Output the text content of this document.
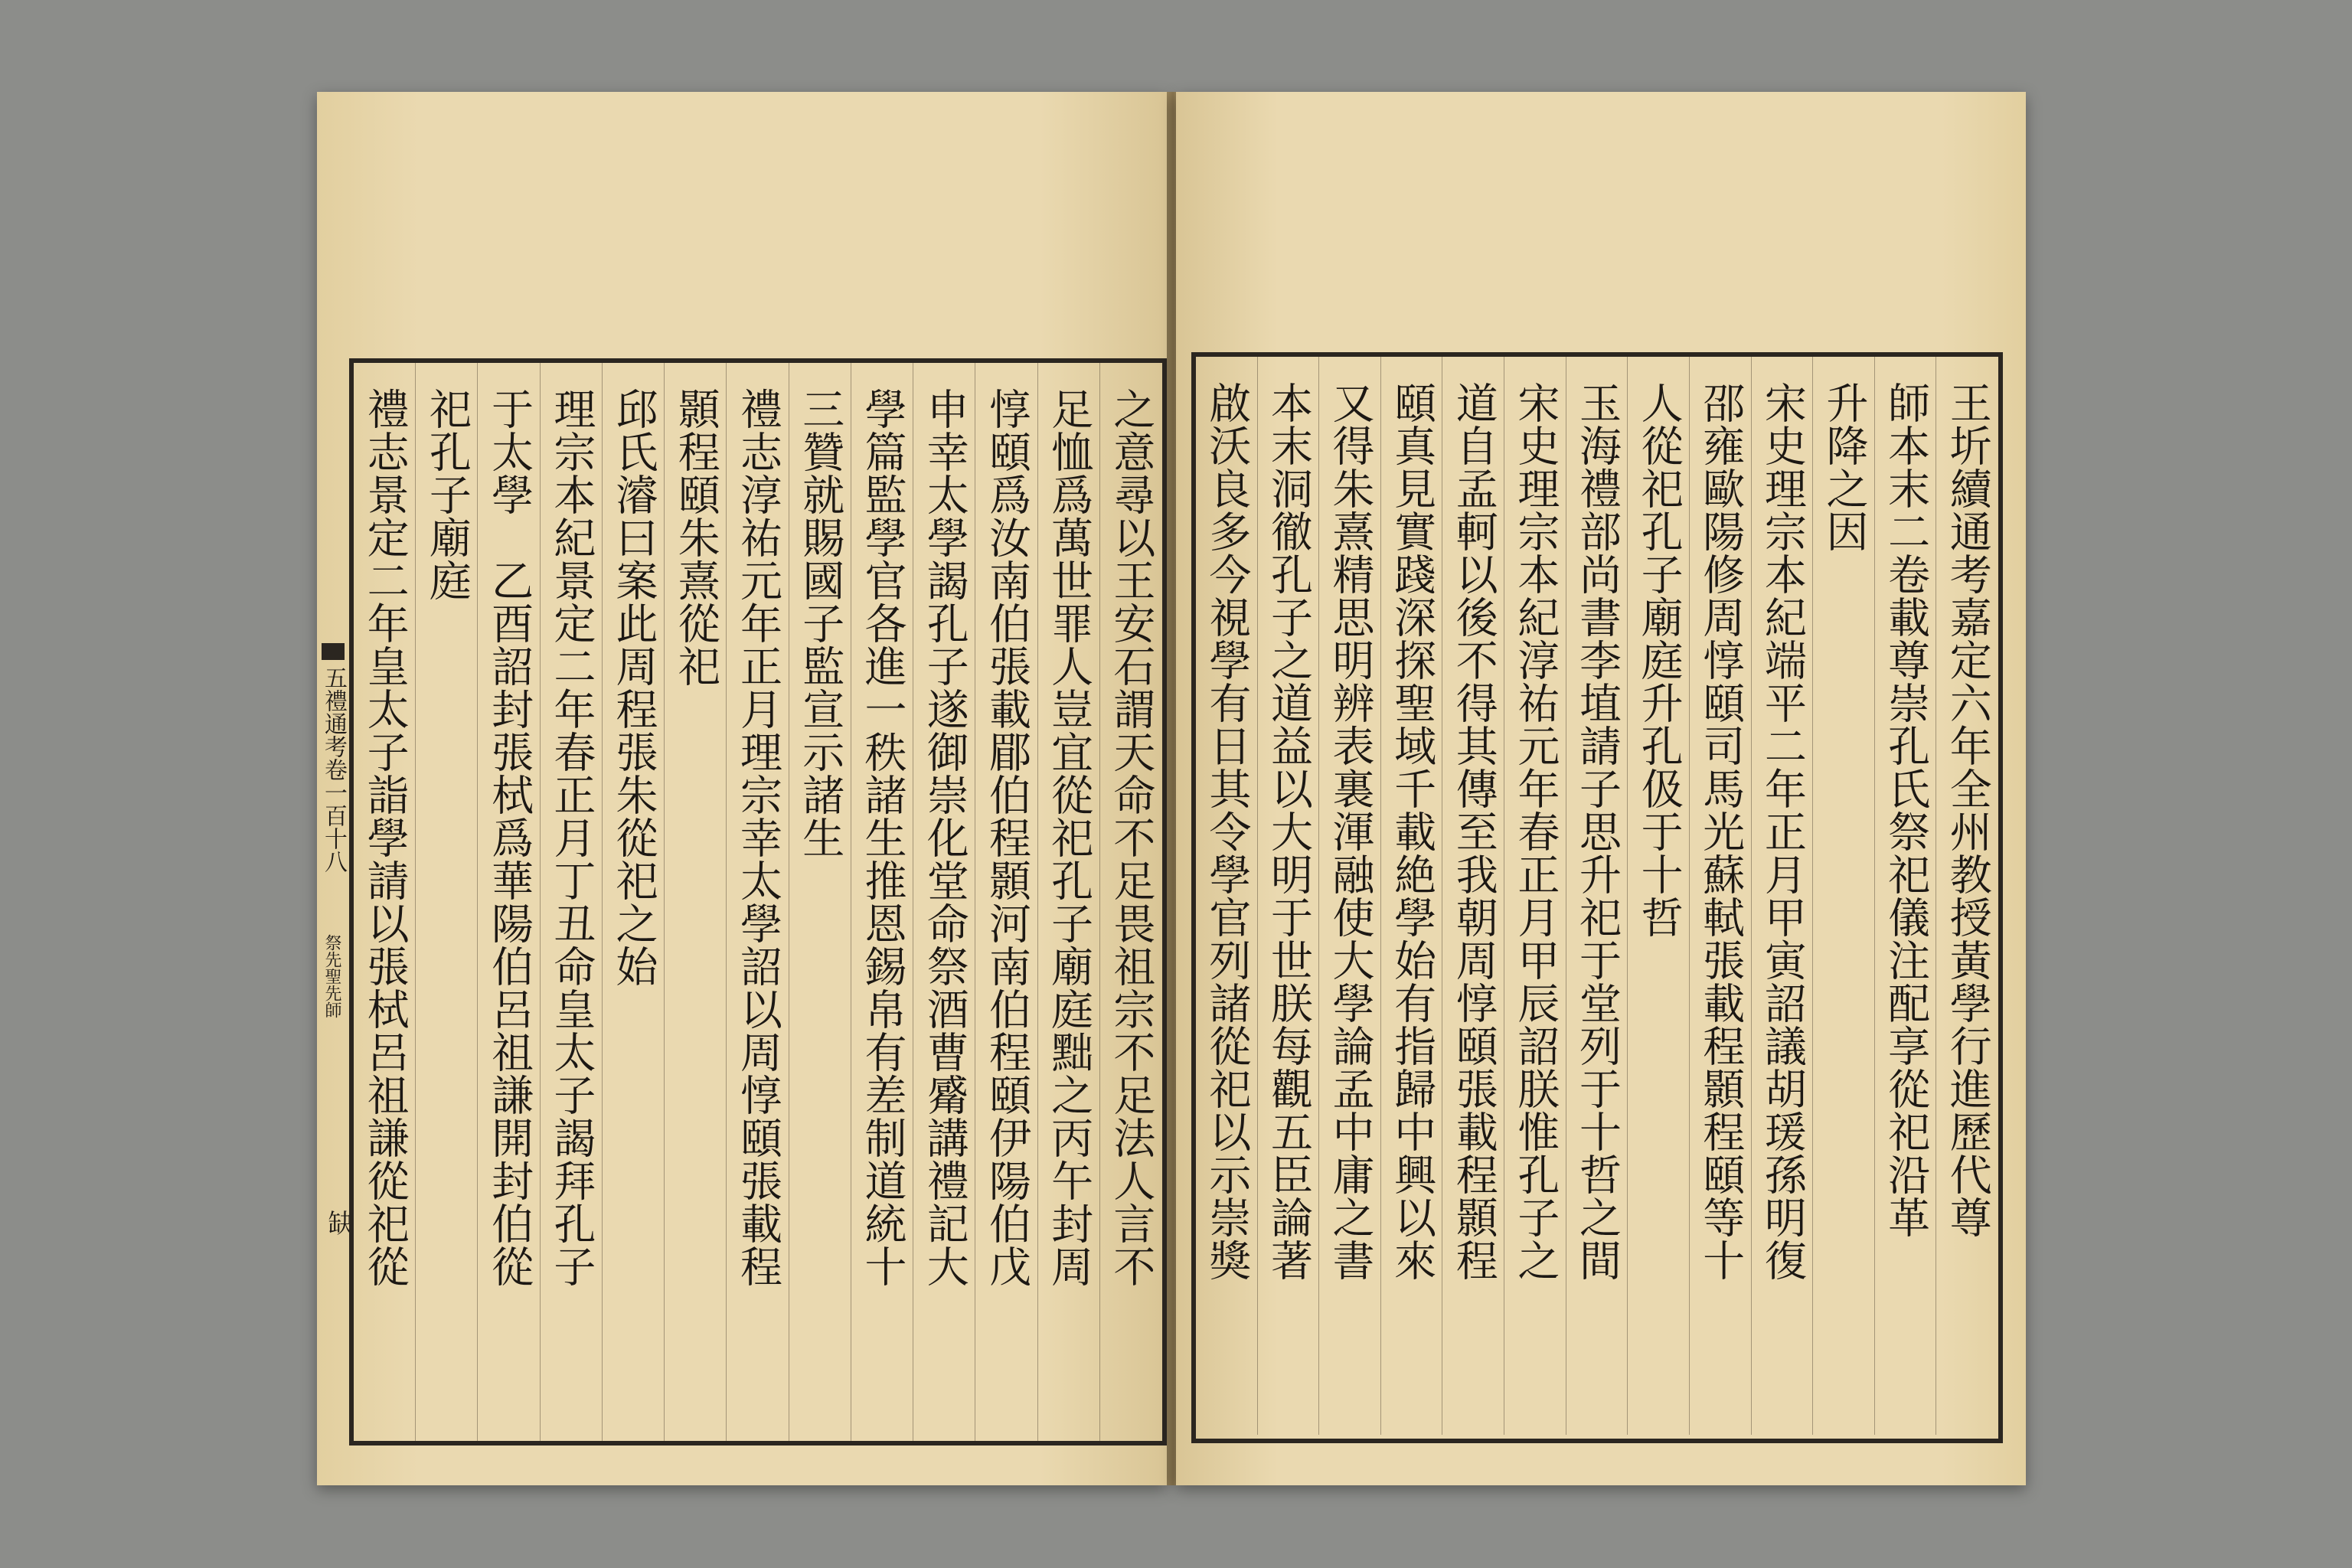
五禮通考卷一百十八
祭先聖先師
缺	之意尋以王安石謂天命不足畏祖宗不足法人言不
足恤爲萬世罪人豈宜從祀孔子廟庭黜之丙午封周
惇頤爲汝南伯張載郿伯程顥河南伯程頤伊陽伯戊
申幸太學謁孔子遂御崇化堂命祭酒曹觱講禮記大
學篇監學官各進一秩諸生推恩錫帛有差制道統十
三贊就賜國子監宣示諸生
禮志淳祐元年正月理宗幸太學詔以周惇頤張載程
顥程頤朱熹從祀
邱氏濬曰案此周程張朱從祀之始
理宗本紀景定二年春正月丁丑命皇太子謁拜孔子
于太學　乙酉詔封張栻爲華陽伯呂祖謙開封伯從
祀孔子廟庭
禮志景定二年皇太子詣學請以張栻呂祖謙從祀從	王圻續通考嘉定六年全州教授黃學行進歷代尊
師本末二卷載尊崇孔氏祭祀儀注配享從祀沿革
升降之因
宋史理宗本紀端平二年正月甲寅詔議胡瑗孫明復
邵雍歐陽修周惇頤司馬光蘇軾張載程顥程頤等十
人從祀孔子廟庭升孔伋于十哲
玉海禮部尚書李埴請子思升祀于堂列于十哲之間
宋史理宗本紀淳祐元年春正月甲辰詔朕惟孔子之
道自孟軻以後不得其傳至我朝周惇頤張載程顥程
頤真見實踐深探聖域千載絶學始有指歸中興以來
又得朱熹精思明辨表裏渾融使大學論孟中庸之書
本末洞徹孔子之道益以大明于世朕每觀五臣論著
啟沃良多今視學有日其令學官列諸從祀以示崇獎
